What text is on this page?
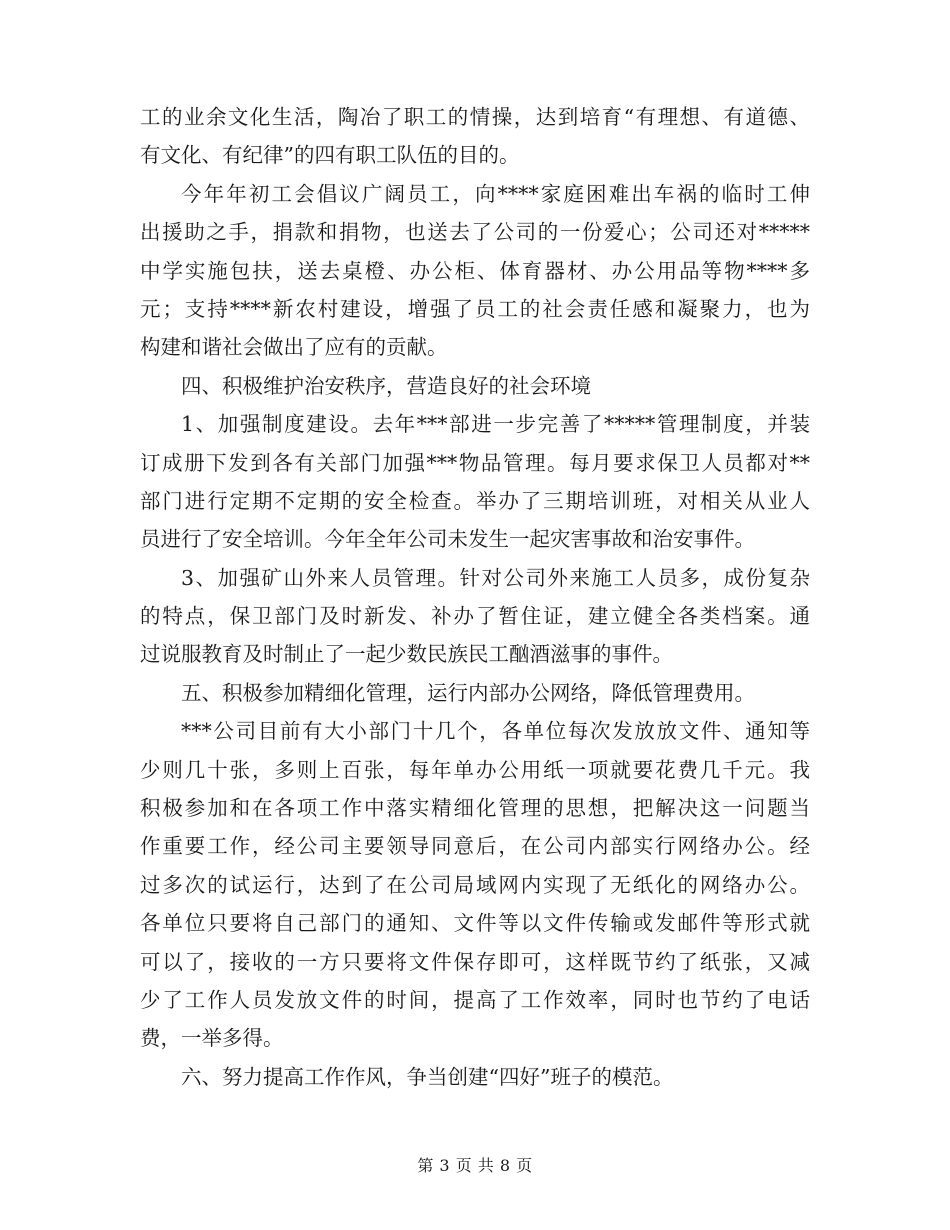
工的业余文化生活，陶冶了职工的情操，达到培育“有理想、有道德、
有文化、有纪律”的四有职工队伍的目的。
今年年初工会倡议广阔员工，向****家庭困难出车祸的临时工伸
出援助之手，捐款和捐物，也送去了公司的一份爱心；公司还对*****
中学实施包扶，送去桌橙、办公柜、体育器材、办公用品等物****多
元；支持****新农村建设，增强了员工的社会责任感和凝聚力，也为
构建和谐社会做出了应有的贡献。
四、积极维护治安秩序，营造良好的社会环境
1、加强制度建设。去年***部进一步完善了*****管理制度，并装
订成册下发到各有关部门加强***物品管理。每月要求保卫人员都对**
部门进行定期不定期的安全检查。举办了三期培训班，对相关从业人
员进行了安全培训。今年全年公司未发生一起灾害事故和治安事件。
3、加强矿山外来人员管理。针对公司外来施工人员多，成份复杂
的特点，保卫部门及时新发、补办了暂住证，建立健全各类档案。通
过说服教育及时制止了一起少数民族民工酗酒滋事的事件。
五、积极参加精细化管理，运行内部办公网络，降低管理费用。
***公司目前有大小部门十几个，各单位每次发放放文件、通知等
少则几十张，多则上百张，每年单办公用纸一项就要花费几千元。我
积极参加和在各项工作中落实精细化管理的思想，把解决这一问题当
作重要工作，经公司主要领导同意后，在公司内部实行网络办公。经
过多次的试运行，达到了在公司局域网内实现了无纸化的网络办公。
各单位只要将自己部门的通知、文件等以文件传输或发邮件等形式就
可以了，接收的一方只要将文件保存即可，这样既节约了纸张，又减
少了工作人员发放文件的时间，提高了工作效率，同时也节约了电话
费，一举多得。
六、努力提高工作作风，争当创建“四好”班子的模范。
第 3 页 共 8 页
